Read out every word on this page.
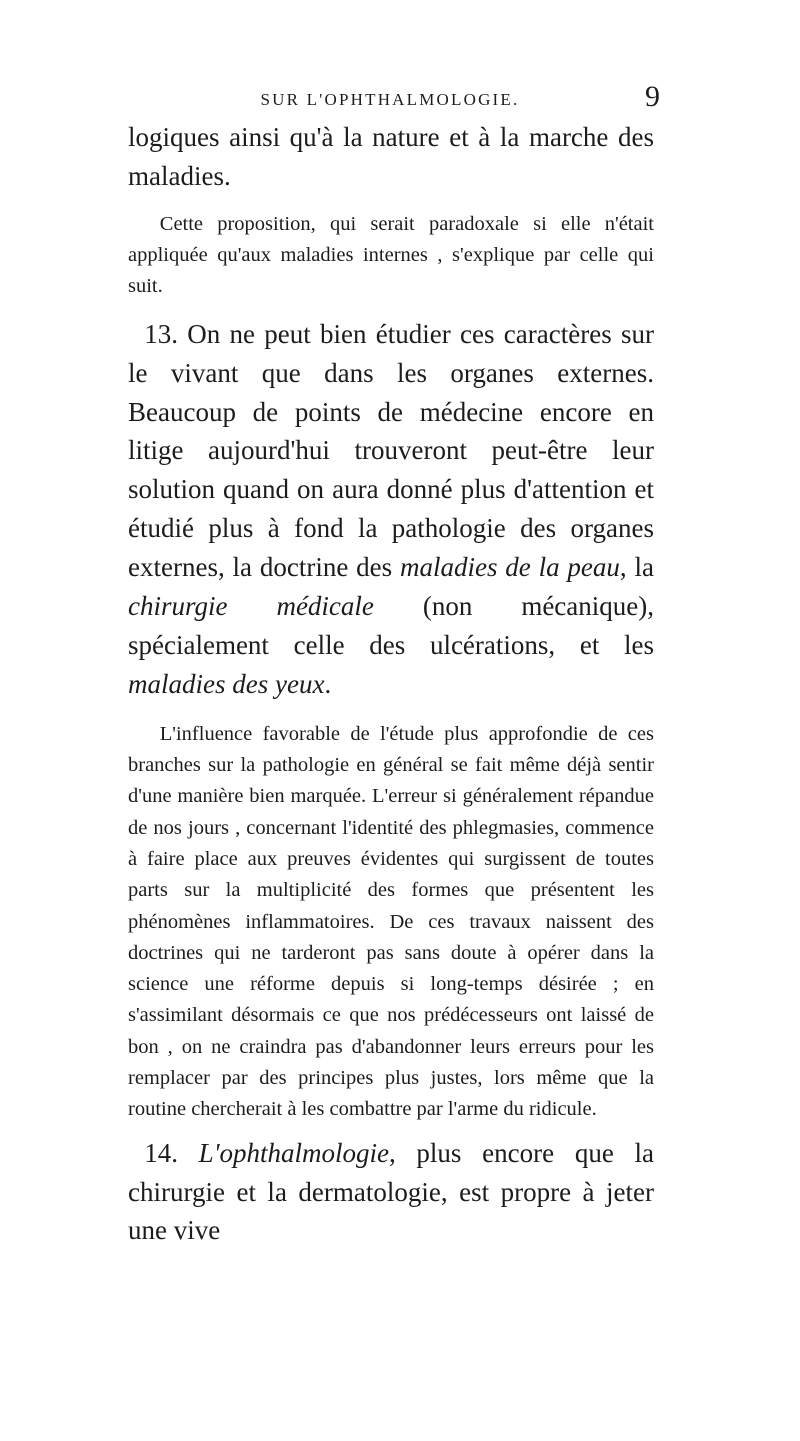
SUR L'OPHTHALMOLOGIE.	9

logiques ainsi qu'à la nature et à la marche des maladies.

Cette proposition, qui serait paradoxale si elle n'était appliquée qu'aux maladies internes , s'explique par celle qui suit.

13. On ne peut bien étudier ces caractères sur le vivant que dans les organes externes. Beaucoup de points de médecine encore en litige aujourd'hui trouveront peut-être leur solution quand on aura donné plus d'attention et étudié plus à fond la pathologie des organes externes, la doctrine des maladies de la peau, la chirurgie médicale (non mécanique), spécialement celle des ulcérations, et les maladies des yeux.

L'influence favorable de l'étude plus approfondie de ces branches sur la pathologie en général se fait même déjà sentir d'une manière bien marquée. L'erreur si généralement répandue de nos jours , concernant l'identité des phlegmasies, commence à faire place aux preuves évidentes qui surgissent de toutes parts sur la multiplicité des formes que présentent les phénomènes inflammatoires. De ces travaux naissent des doctrines qui ne tarderont pas sans doute à opérer dans la science une réforme depuis si long-temps désirée ; en s'assimilant désormais ce que nos prédécesseurs ont laissé de bon , on ne craindra pas d'abandonner leurs erreurs pour les remplacer par des principes plus justes, lors même que la routine chercherait à les combattre par l'arme du ridicule.

14. L'ophthalmologie, plus encore que la chirurgie et la dermatologie, est propre à jeter une vive
